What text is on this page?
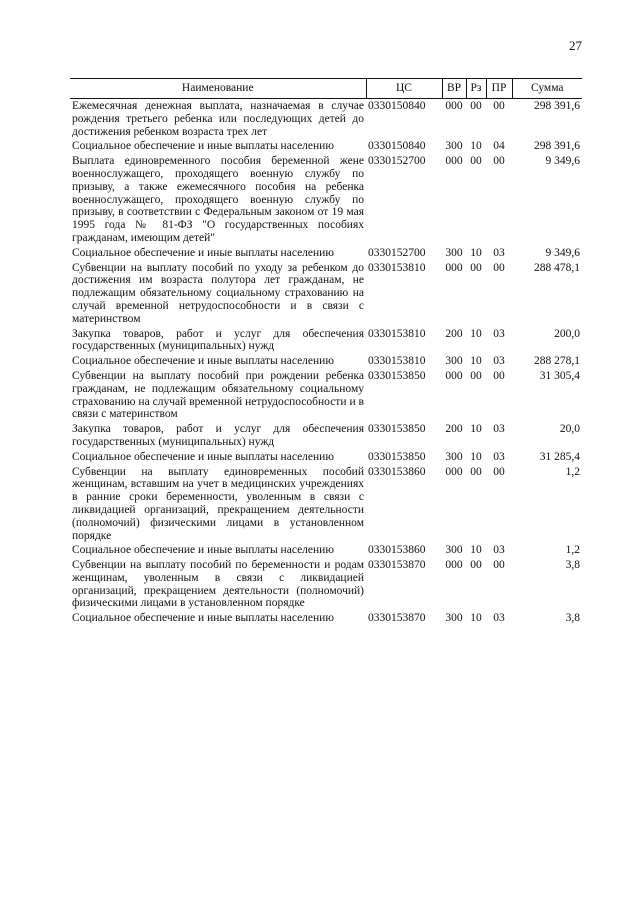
27
Наименование	ЦС	ВР	Рз	ПР	Сумма
Ежемесячная денежная выплата, назначаемая в случае рождения третьего ребенка или последующих детей до достижения ребенком возраста трех лет	0330150840	000	00	00	298 391,6
Социальное обеспечение и иные выплаты населению	0330150840	300	10	04	298 391,6
Выплата единовременного пособия беременной жене военнослужащего, проходящего военную службу по призыву, а также ежемесячного пособия на ребенка военнослужащего, проходящего военную службу по призыву, в соответствии с Федеральным законом от 19 мая 1995 года № 81-ФЗ "О государственных пособиях гражданам, имеющим детей"	0330152700	000	00	00	9 349,6
Социальное обеспечение и иные выплаты населению	0330152700	300	10	03	9 349,6
Субвенции на выплату пособий по уходу за ребенком до достижения им возраста полутора лет гражданам, не подлежащим обязательному социальному страхованию на случай временной нетрудоспособности и в связи с материнством	0330153810	000	00	00	288 478,1
Закупка товаров, работ и услуг для обеспечения государственных (муниципальных) нужд	0330153810	200	10	03	200,0
Социальное обеспечение и иные выплаты населению	0330153810	300	10	03	288 278,1
Субвенции на выплату пособий при рождении ребенка гражданам, не подлежащим обязательному социальному страхованию на случай временной нетрудоспособности и в связи с материнством	0330153850	000	00	00	31 305,4
Закупка товаров, работ и услуг для обеспечения государственных (муниципальных) нужд	0330153850	200	10	03	20,0
Социальное обеспечение и иные выплаты населению	0330153850	300	10	03	31 285,4
Субвенции на выплату единовременных пособий женщинам, вставшим на учет в медицинских учреждениях в ранние сроки беременности, уволенным в связи с ликвидацией организаций, прекращением деятельности (полномочий) физическими лицами в установленном порядке	0330153860	000	00	00	1,2
Социальное обеспечение и иные выплаты населению	0330153860	300	10	03	1,2
Субвенции на выплату пособий по беременности и родам женщинам, уволенным в связи с ликвидацией организаций, прекращением деятельности (полномочий) физическими лицами в установленном порядке	0330153870	000	00	00	3,8
Социальное обеспечение и иные выплаты населению	0330153870	300	10	03	3,8
